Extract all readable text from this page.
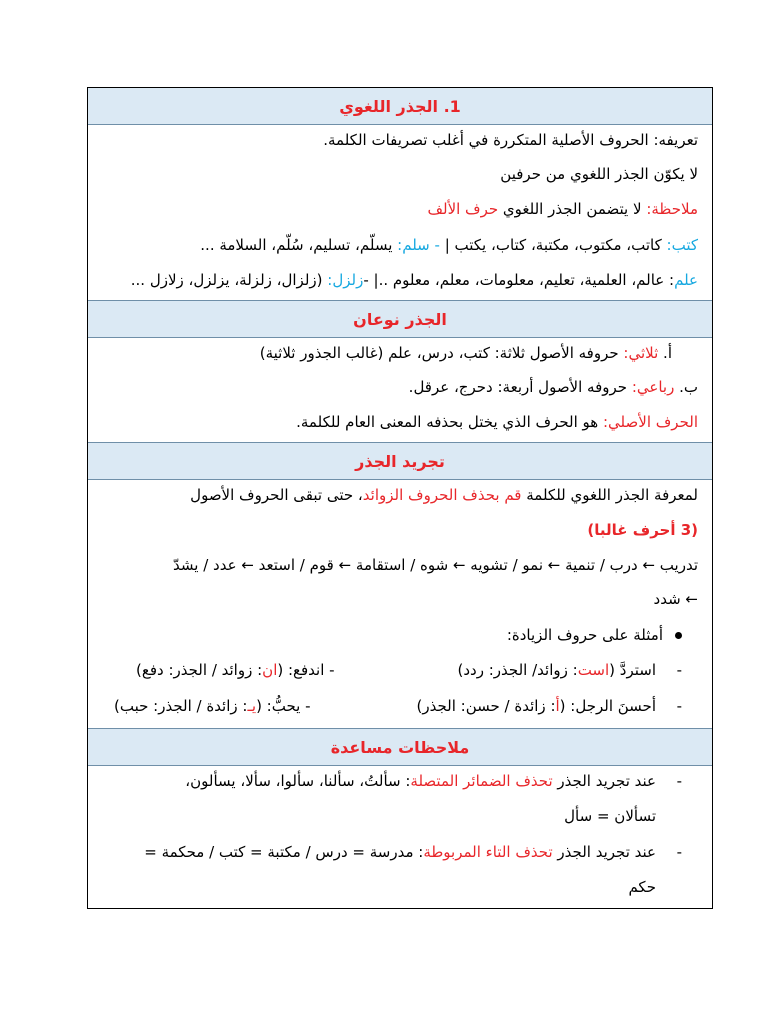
1. الجذر اللغوي
تعريفه: الحروف الأصلية المتكررة في أغلب تصريفات الكلمة.
لا يكوّن الجذر اللغوي من حرفين
ملاحظة: لا يتضمن الجذر اللغوي حرف الألف
كتب: كاتب، مكتوب، مكتبة، كتاب، يكتب | - سلم: يسلّم، تسليم، سُلّم، السلامة ...
علم: عالم، العلمية، تعليم، معلومات، معلم، معلوم ..| -زلزل: (زلزال، زلزلة، يزلزل، زلازل ...
الجذر نوعان
أ. ثلاثي: حروفه الأصول ثلاثة: كتب، درس، علم (غالب الجذور ثلاثية)
ب. رباعي: حروفه الأصول أربعة: دحرج، عرقل.
الحرف الأصلي: هو الحرف الذي يختل بحذفه المعنى العام للكلمة.
تجريد الجذر
لمعرفة الجذر اللغوي للكلمة قم بحذف الحروف الزوائد، حتى تبقى الحروف الأصول
(3 أحرف غالبا)
تدريب ← درب / تنمية ← نمو / تشويه ← شوه / استقامة ← قوم / استعد ← عدد / يشدّ
← شدد
أمثلة على حروف الزيادة:
-استردَّ (است: زوائد/ الجذر: ردد)
- اندفع: (ان: زوائد / الجذر: دفع)
-أحسنَ الرجل: (أ: زائدة / حسن: الجذر)
- يحبُّ: (يـ: زائدة / الجذر: حبب)
ملاحظات مساعدة
-عند تجريد الجذر تحذف الضمائر المتصلة: سألتُ، سألنا، سألوا، سألا، يسألون،
تسألان = سأل
-عند تجريد الجذر تحذف التاء المربوطة: مدرسة = درس / مكتبة = كتب / محكمة =
حكم
